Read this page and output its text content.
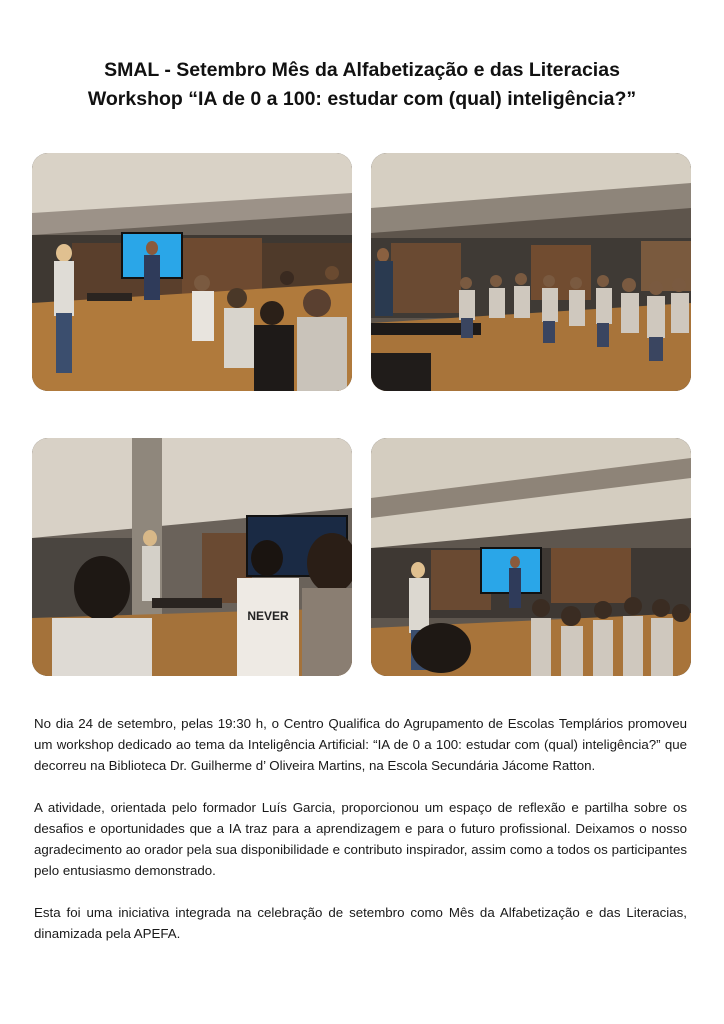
SMAL - Setembro Mês da Alfabetização e das Literacias
Workshop “IA de 0 a 100: estudar com (qual) inteligência?”
NEVER

No dia 24 de setembro, pelas 19:30 h, o Centro Qualifica do Agrupamento de Escolas Templários promoveu um workshop dedicado ao tema da Inteligência Artificial: “IA de 0 a 100: estudar com (qual) inteligência?” que decorreu na Biblioteca Dr. Guilherme d’ Oliveira Martins, na Escola Secundária Jácome Ratton.

A atividade, orientada pelo formador Luís Garcia, proporcionou um espaço de reflexão e partilha sobre os desafios e oportunidades que a IA traz para a aprendizagem e para o futuro profissional. Deixamos o nosso agradecimento ao orador pela sua disponibilidade e contributo inspirador, assim como a todos os participantes pelo entusiasmo demonstrado.

Esta foi uma iniciativa integrada na celebração de setembro como Mês da Alfabetização e das Literacias, dinamizada pela APEFA.
